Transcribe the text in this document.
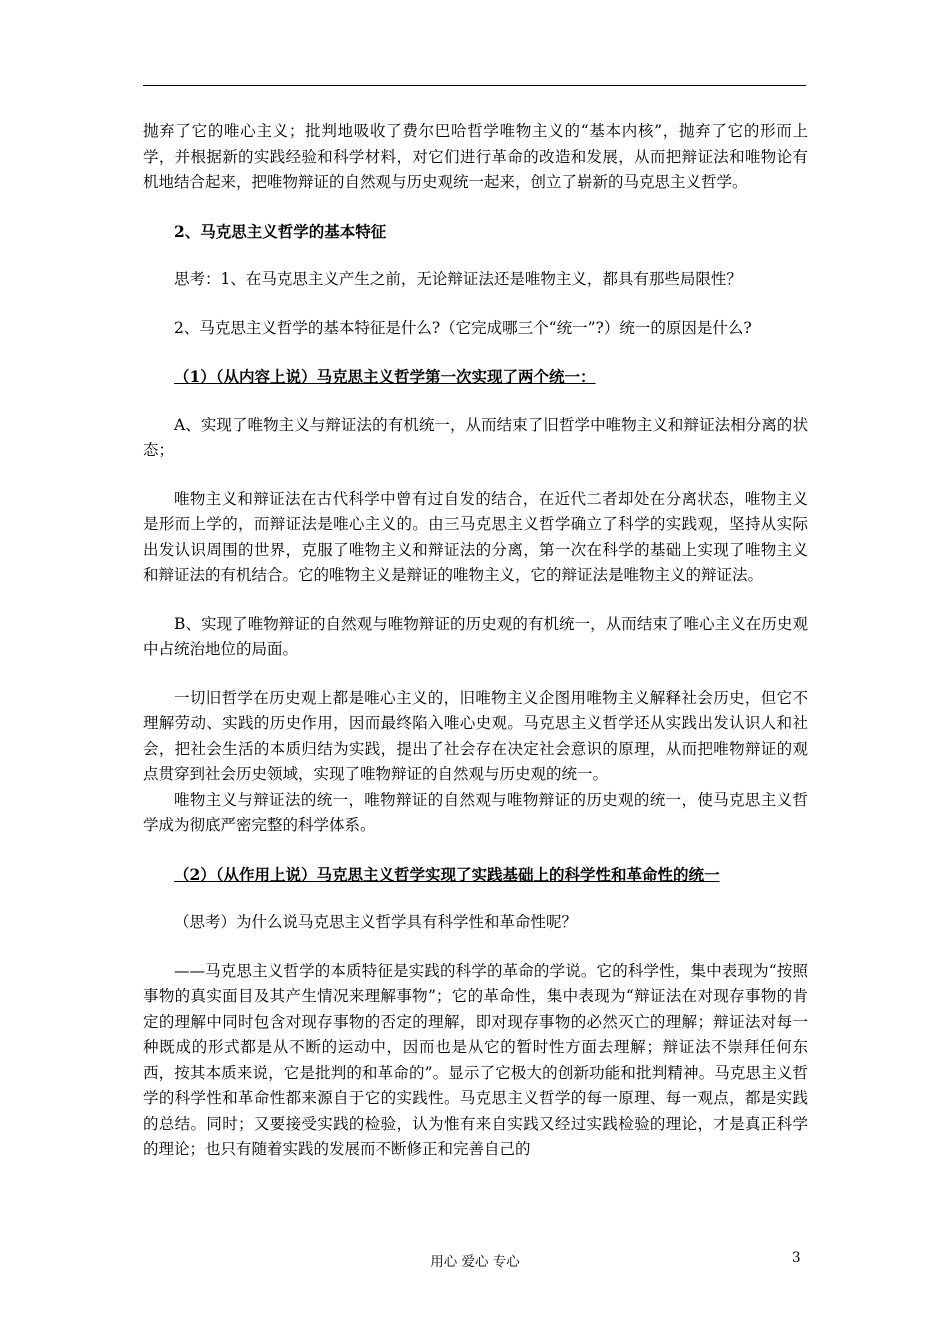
抛弃了它的唯心主义；批判地吸收了费尔巴哈哲学唯物主义的“基本内核”，抛弃了它的形而上学，并根据新的实践经验和科学材料，对它们进行革命的改造和发展，从而把辩证法和唯物论有机地结合起来，把唯物辩证的自然观与历史观统一起来，创立了崭新的马克思主义哲学。

2、马克思主义哲学的基本特征

思考：1、在马克思主义产生之前，无论辩证法还是唯物主义，都具有那些局限性？

2、马克思主义哲学的基本特征是什么?（它完成哪三个“统一”?）统一的原因是什么?

（1）（从内容上说）马克思主义哲学第一次实现了两个统一：

A、实现了唯物主义与辩证法的有机统一，从而结束了旧哲学中唯物主义和辩证法相分离的状态；

唯物主义和辩证法在古代科学中曾有过自发的结合，在近代二者却处在分离状态，唯物主义是形而上学的，而辩证法是唯心主义的。由三马克思主义哲学确立了科学的实践观，坚持从实际出发认识周围的世界，克服了唯物主义和辩证法的分离，第一次在科学的基础上实现了唯物主义和辩证法的有机结合。它的唯物主义是辩证的唯物主义，它的辩证法是唯物主义的辩证法。

B、实现了唯物辩证的自然观与唯物辩证的历史观的有机统一，从而结束了唯心主义在历史观中占统治地位的局面。

一切旧哲学在历史观上都是唯心主义的，旧唯物主义企图用唯物主义解释社会历史，但它不理解劳动、实践的历史作用，因而最终陷入唯心史观。马克思主义哲学还从实践出发认识人和社会，把社会生活的本质归结为实践，提出了社会存在决定社会意识的原理，从而把唯物辩证的观点贯穿到社会历史领域，实现了唯物辩证的自然观与历史观的统一。

唯物主义与辩证法的统一，唯物辩证的自然观与唯物辩证的历史观的统一，使马克思主义哲学成为彻底严密完整的科学体系。

（2）（从作用上说）马克思主义哲学实现了实践基础上的科学性和革命性的统一

（思考）为什么说马克思主义哲学具有科学性和革命性呢？

——马克思主义哲学的本质特征是实践的科学的革命的学说。它的科学性，集中表现为“按照事物的真实面目及其产生情况来理解事物”；它的革命性，集中表现为“辩证法在对现存事物的肯定的理解中同时包含对现存事物的否定的理解，即对现存事物的必然灭亡的理解；辩证法对每一种既成的形式都是从不断的运动中，因而也是从它的暂时性方面去理解；辩证法不崇拜任何东西，按其本质来说，它是批判的和革命的”。显示了它极大的创新功能和批判精神。马克思主义哲学的科学性和革命性都来源自于它的实践性。马克思主义哲学的每一原理、每一观点，都是实践的总结。同时；又要接受实践的检验，认为惟有来自实践又经过实践检验的理论，才是真正科学的理论；也只有随着实践的发展而不断修正和完善自己的

用心 爱心 专心	3
